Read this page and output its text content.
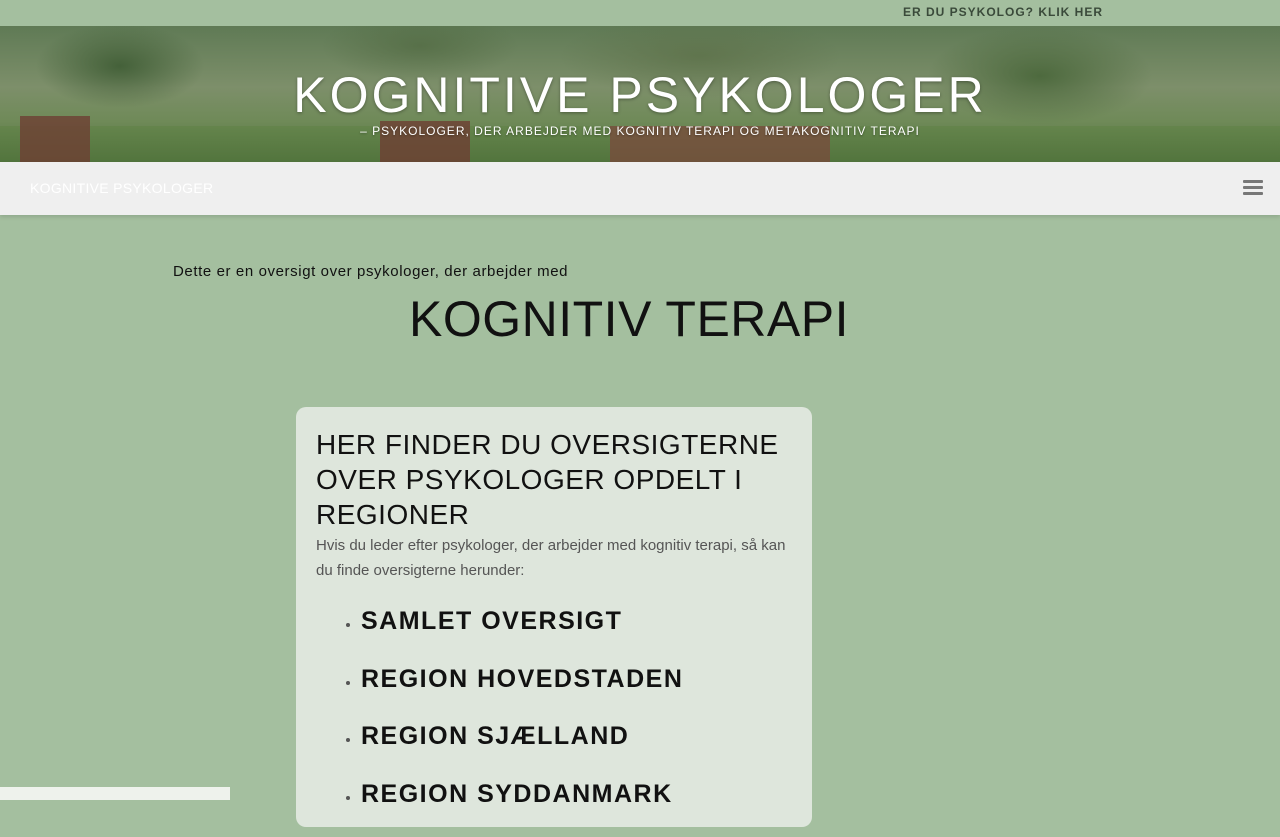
ER DU PSYKOLOG? KLIK HER
KOGNITIVE PSYKOLOGER
– PSYKOLOGER, DER ARBEJDER MED KOGNITIV TERAPI OG METAKOGNITIV TERAPI
KOGNITIVE PSYKOLOGER
Dette er en oversigt over psykologer, der arbejder med
KOGNITIV TERAPI
HER FINDER DU OVERSIGTERNE OVER PSYKOLOGER OPDELT I REGIONER
Hvis du leder efter psykologer, der arbejder med kognitiv terapi, så kan du finde oversigterne herunder:
• SAMLET OVERSIGT
• REGION HOVEDSTADEN
• REGION SJÆLLAND
• REGION SYDDANMARK
